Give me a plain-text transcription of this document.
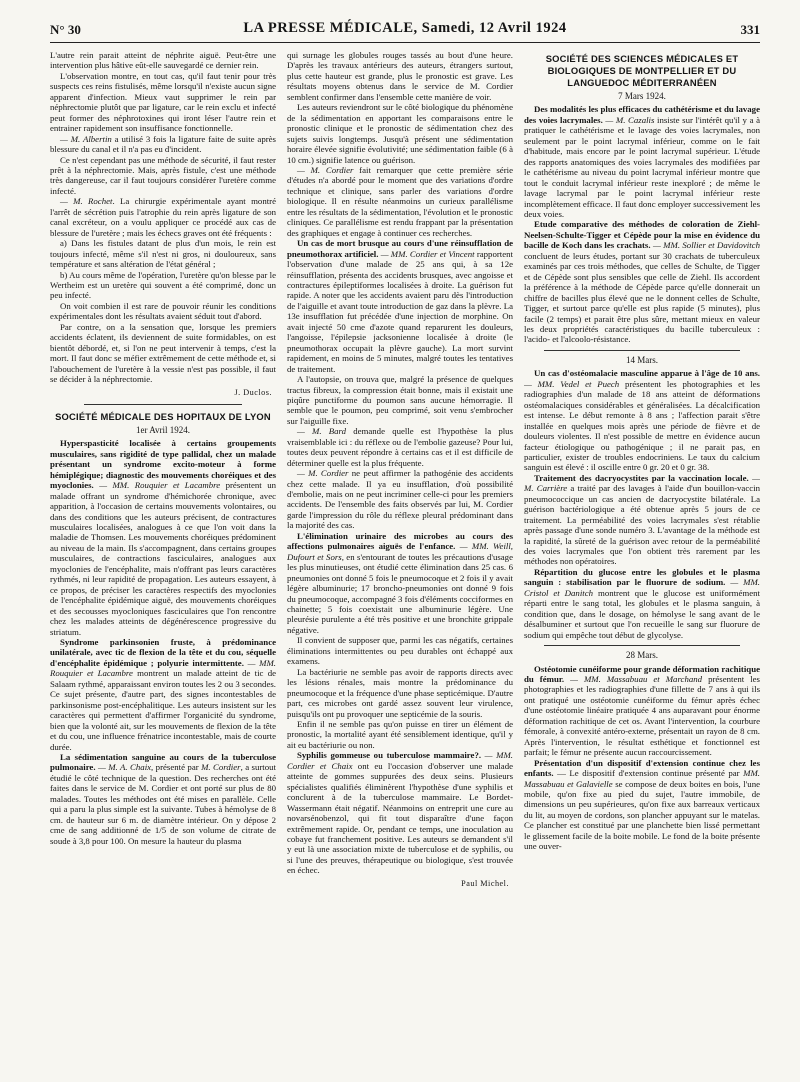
N° 30	LA PRESSE MÉDICALE, Samedi, 12 Avril 1924	331

L'autre rein parait atteint de néphrite aiguë. Peut-être une intervention plus hâtive eût-elle sauvegardé ce dernier rein.

L'observation montre, en tout cas, qu'il faut tenir pour très suspects ces reins fistulisés, même lorsqu'il n'existe aucun signe apparent d'infection. Mieux vaut supprimer le rein par néphrectomie plutôt que par ligature, car le rein exclu et infecté peut former des néphrotoxines qui iront léser l'autre rein et entrainer rapidement son insuffisance fonctionnelle.

— M. Albertin a utilisé 3 fois la ligature faite de suite après blessure du canal et il n'a pas eu d'incident.

Ce n'est cependant pas une méthode de sécurité, il faut rester prêt à la néphrectomie. Mais, après fistule, c'est une méthode très dangereuse, car il faut toujours considérer l'uretère comme infecté.

— M. Rochet. La chirurgie expérimentale ayant montré l'arrêt de sécrétion puis l'atrophie du rein après ligature de son canal excréteur, on a voulu appliquer ce procédé aux cas de blessure de l'uretère ; mais les échecs graves ont été fréquents :

a) Dans les fistules datant de plus d'un mois, le rein est toujours infecté, même s'il n'est ni gros, ni douloureux, sans température et sans altération de l'état général ;

b) Au cours même de l'opération, l'uretère qu'on blesse par le Wertheim est un uretère qui souvent a été comprimé, donc un peu infecté.

On voit combien il est rare de pouvoir réunir les conditions expérimentales dont les résultats avaient séduit tout d'abord.

Par contre, on a la sensation que, lorsque les premiers accidents éclatent, ils deviennent de suite formidables, on est bientôt débordé, et, si l'on ne peut intervenir à temps, c'est la mort. Il faut donc se méfier extrêmement de cette méthode et, si l'abouchement de l'uretère à la vessie n'est pas possible, il faut se décider à la néphrectomie.

J. Duclos.
SOCIÉTÉ MÉDICALE DES HOPITAUX DE LYON
1er Avril 1924.

Hyperspasticité localisée à certains groupements musculaires, sans rigidité de type pallidal, chez un malade présentant un syndrome excito-moteur à forme hémiplégique; diagnostic des mouvements choréiques et des myoclonies. — MM. Rouquier et Lacambre présentent un malade offrant un syndrome d'hémichorée chronique, avec apparition, à l'occasion de certains mouvements volontaires, ou dans des conditions que les auteurs précisent, de contractures musculaires localisées, analogues à ce que l'on voit dans la maladie de Thomsen. Les mouvements choréiques prédominent au niveau de la main. Ils s'accompagnent, dans certains groupes musculaires, de contractions fasciculaires, analogues aux myoclonies de l'encéphalite, mais n'offrant pas leurs caractères rythmés, ni leur rapidité de propagation. Les auteurs essayent, à ce propos, de préciser les caractères respectifs des myoclonies de l'encéphalite épidémique aiguë, des mouvements choréiques et des secousses myocloniques fasciculaires que l'on rencontre chez les malades atteints de dégénérescence progressive du striatum.

Syndrome parkinsonien fruste, à prédominance unilatérale, avec tic de flexion de la tête et du cou, séquelle d'encéphalite épidémique ; polyurie intermittente. — MM. Rouquier et Lacambre montrent un malade atteint de tic de Salaam rythmé, apparaissant environ toutes les 2 ou 3 secondes. Ce sujet présente, d'autre part, des signes incontestables de parkinsonisme post-encéphalitique. Les auteurs insistent sur les caractères qui permettent d'affirmer l'organicité du syndrome, bien que la volonté ait, sur les mouvements de flexion de la tête et du cou, une influence frénatrice incontestable, mais de courte durée.

La sédimentation sanguine au cours de la tuberculose pulmonaire. — M. A. Chaix, présenté par M. Cordier, a surtout étudié le côté technique de la question. Des recherches ont été faites dans le service de M. Cordier et ont porté sur plus de 80 malades. Toutes les méthodes ont été mises en parallèle. Celle qui a paru la plus simple est la suivante. Tubes à hémolyse de 8 cm. de hauteur sur 6 m. de diamètre intérieur. On y dépose 2 cme de sang additionné de 1/5 de son volume de citrate de soude à 3,8 pour 100. On mesure la hauteur du plasma

qui surnage les globules rouges tassés au bout d'une heure. D'après les travaux antérieurs des auteurs, étrangers surtout, plus cette hauteur est grande, plus le pronostic est grave. Les résultats moyens obtenus dans le service de M. Cordier semblent confirmer dans l'ensemble cette manière de voir.

Les auteurs reviendront sur le côté biologique du phénomène de la sédimentation en apportant les comparaisons entre le pronostic clinique et le pronostic de sédimentation chez des sujets suivis longtemps. Jusqu'à présent une sédimentation horaire élevée signifie évolutivité; une sédimentation faible (6 à 10 cm.) signifie latence ou guérison.

— M. Cordier fait remarquer que cette première série d'études n'a abordé pour le moment que des variations d'ordre technique et clinique, sans parler des variations d'ordre biologique. Il en résulte néanmoins un curieux parallélisme entre les résultats de la sédimentation, l'évolution et le pronostic cliniques. Ce parallélisme est rendu frappant par la présentation des graphiques et engage à continuer ces recherches.

Un cas de mort brusque au cours d'une réinsufflation de pneumothorax artificiel. — MM. Cordier et Vincent rapportent l'observation d'une malade de 25 ans qui, à sa 12e réinsufflation, présenta des accidents brusques, avec angoisse et contractures épileptiformes localisées à droite. La guérison fut rapide. A noter que les accidents avaient paru dès l'introduction de l'aiguille et avant toute introduction de gaz dans la plèvre. La 13e insufflation fut précédée d'une injection de morphine. On avait injecté 50 cme d'azote quand reparurent les douleurs, l'angoisse, l'épilepsie jacksonienne localisée à droite (le pneumothorax occupait la plèvre gauche). La mort survint rapidement, en moins de 5 minutes, malgré toutes les tentatives de traitement.

A l'autopsie, on trouva que, malgré la présence de quelques tractus fibreux, la compression était bonne, mais il existait une piqûre punctiforme du poumon sans aucune hémorragie. Il semble que le poumon, peu comprimé, soit venu s'embrocher sur l'aiguille fixe.

— M. Bard demande quelle est l'hypothèse la plus vraisemblable ici : du réflexe ou de l'embolie gazeuse? Pour lui, toutes deux peuvent répondre à certains cas et il est difficile de déterminer quelle est la plus fréquente.

— M. Cordier ne peut affirmer la pathogénie des accidents chez cette malade. Il ya eu insufflation, d'où possibilité d'embolie, mais on ne peut incriminer celle-ci pour les premiers accidents. De l'ensemble des faits observés par lui, M. Cordier garde l'impression du rôle du réflexe pleural prédominant dans la majorité des cas.

L'élimination urinaire des microbes au cours des affections pulmonaires aiguës de l'enfance. — MM. Weill, Dufourt et Sors, en s'entourant de toutes les précautions d'usage les plus minutieuses, ont étudié cette élimination dans 25 cas. 6 pneumonies ont donné 5 fois le pneumocoque et 2 fois il y avait légère albuminurie; 17 broncho-pneumonies ont donné 9 fois du pneumocoque, accompagné 3 fois d'éléments cocciformes en chainette; 5 fois coexistait une albuminurie légère. Une pleurésie purulente a été très positive et une bronchite grippale négative.

Il convient de supposer que, parmi les cas négatifs, certaines éliminations intermittentes ou peu durables ont échappé aux examens.

La bactériurie ne semble pas avoir de rapports directs avec les lésions rénales, mais montre la prédominance du pneumocoque et la fréquence d'une phase septicémique. D'autre part, ces microbes ont gardé assez souvent leur virulence, puisqu'ils ont pu provoquer une septicémie de la souris.

Enfin il ne semble pas qu'on puisse en tirer un élément de pronostic, la mortalité ayant été sensiblement identique, qu'il y ait eu bactériurie ou non.

Syphilis gommeuse ou tuberculose mammaire?. — MM. Cordier et Chaix ont eu l'occasion d'observer une malade atteinte de gommes suppurées des deux seins. Plusieurs spécialistes qualifiés éliminèrent l'hypothèse d'une syphilis et conclurent à de la tuberculose mammaire. Le Bordet-Wassermann était négatif. Néanmoins on entreprit une cure au novarsénobenzol, qui fit tout disparaître d'une façon extrêmement rapide. Or, pendant ce temps, une inoculation au cobaye fut franchement positive. Les auteurs se demandent s'il y eut là une association mixte de tuberculose et de syphilis, ou si l'une des preuves, thérapeutique ou biologique, s'est trouvée en échec.

Paul Michel.
SOCIÉTÉ DES SCIENCES MÉDICALES ET BIOLOGIQUES DE MONTPELLIER ET DU LANGUEDOC MÉDITERRANÉEN
7 Mars 1924.

Des modalités les plus efficaces du cathétérisme et du lavage des voies lacrymales. — M. Cazalis insiste sur l'intérêt qu'il y a à pratiquer le cathétérisme et le lavage des voies lacrymales, non seulement par le point lacrymal inférieur, comme on le fait d'habitude, mais encore par le point lacrymal supérieur. L'étude des rapports anatomiques des voies lacrymales des modifiées par le cathétérisme au niveau du point lacrymal inférieur montre que tout le conduit lacrymal inférieur reste inexploré ; de même le lavage lacrymal par le point lacrymal inférieur reste incomplètement efficace. Il faut donc employer successivement les deux voies.

Etude comparative des méthodes de coloration de Ziehl-Neelsen-Schulte-Tigger et Cépède pour la mise en évidence du bacille de Koch dans les crachats. — MM. Sollier et Davidovitch concluent de leurs études, portant sur 30 crachats de tuberculeux examinés par ces trois méthodes, que celles de Schulte, de Tigger et de Cépède sont plus sensibles que celle de Ziehl. Ils accordent la préférence à la méthode de Cépède parce qu'elle donnerait un chiffre de bacilles plus élevé que ne le donnent celles de Schulte, Tigger, et surtout parce qu'elle est plus rapide (5 minutes), plus facile (2 temps) et parait être plus sûre, mettant mieux en valeur les deux propriétés caractéristiques du bacille tuberculeux : l'acido- et l'alcoolo-résistance.

14 Mars.

Un cas d'ostéomalacie masculine apparue à l'âge de 10 ans. — MM. Vedel et Puech présentent les photographies et les radiographies d'un malade de 18 ans atteint de déformations ostéomalaciques considérables et généralisées. La décalcification est intense. Le début remonte à 8 ans ; l'affection parait s'être installée en quelques mois après une période de fièvre et de douleurs violentes. Il n'est possible de mettre en évidence aucun facteur étiologique ou pathogénique ; il ne parait pas, en particulier, exister de troubles endocriniens. Le taux du calcium sanguin est élevé : il oscille entre 0 gr. 20 et 0 gr. 38.

Traitement des dacryocystites par la vaccination locale. — M. Carrière a traité par des lavages à l'aide d'un bouillon-vaccin pneumococcique un cas ancien de dacryocystite bilatérale. La guérison bactériologique a été obtenue après 5 jours de ce traitement. La perméabilité des voies lacrymales s'est rétablie après passage d'une sonde numéro 3. L'avantage de la méthode est la rapidité, la sûreté de la guérison avec retour de la perméabilité des voies lacrymales que l'on obtient très rarement par les méthodes non opératoires.

Répartition du glucose entre les globules et le plasma sanguin : stabilisation par le fluorure de sodium. — MM. Cristol et Danitch montrent que le glucose est uniformément réparti entre le sang total, les globules et le plasma sanguin, à condition que, dans le dosage, on hémolyse le sang avant de le désalbuminer et surtout que l'on recueille le sang sur fluorure de sodium qui empêche tout début de glycolyse.

28 Mars.

Ostéotomie cunéiforme pour grande déformation rachitique du fémur. — MM. Massabuau et Marchand présentent les photographies et les radiographies d'une fillette de 7 ans à qui ils ont pratiqué une ostéotomie cunéiforme du fémur après échec d'une ostéotomie linéaire pratiquée 4 ans auparavant pour énorme déformation rachitique de cet os. Avant l'intervention, la courbure fémorale, à convexité antéro-externe, présentait un rayon de 8 cm. Après l'intervention, le résultat esthétique et fonctionnel est parfait; le fémur ne présente aucun raccourcissement.

Présentation d'un dispositif d'extension continue chez les enfants. — Le dispositif d'extension continue présenté par MM. Massabuau et Galavielle se compose de deux boites en bois, l'une mobile, qu'on fixe au pied du sujet, l'autre immobile, de dimensions un peu supérieures, qu'on fixe aux barreaux verticaux du lit, au moyen de cordons, son plancher appuyant sur le matelas. Ce plancher est constitué par une planchette bien lissé permettant le glissement facile de la boite mobile. Le fond de la boite présente une ouver-
